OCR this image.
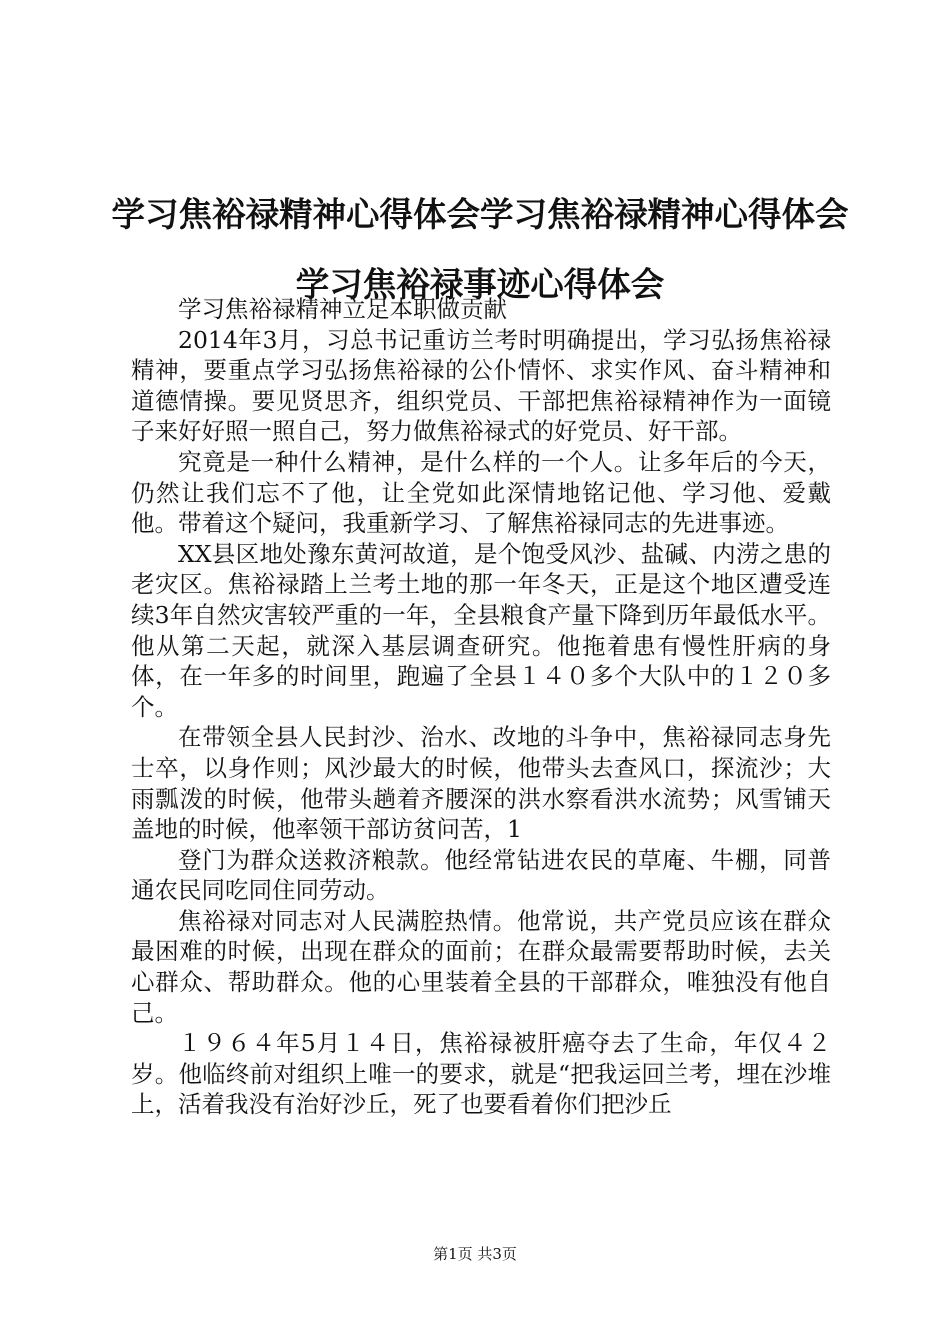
学习焦裕禄精神心得体会学习焦裕禄精神心得体会学习焦裕禄事迹心得体会

学习焦裕禄精神立足本职做贡献

2014年3月，习总书记重访兰考时明确提出，学习弘扬焦裕禄精神，要重点学习弘扬焦裕禄的公仆情怀、求实作风、奋斗精神和道德情操。要见贤思齐，组织党员、干部把焦裕禄精神作为一面镜子来好好照一照自己，努力做焦裕禄式的好党员、好干部。

究竟是一种什么精神，是什么样的一个人。让多年后的今天，仍然让我们忘不了他，让全党如此深情地铭记他、学习他、爱戴他。带着这个疑问，我重新学习、了解焦裕禄同志的先进事迹。

XX县区地处豫东黄河故道，是个饱受风沙、盐碱、内涝之患的老灾区。焦裕禄踏上兰考土地的那一年冬天，正是这个地区遭受连续3年自然灾害较严重的一年，全县粮食产量下降到历年最低水平。他从第二天起，就深入基层调查研究。他拖着患有慢性肝病的身体，在一年多的时间里，跑遍了全县１４０多个大队中的１２０多个。

在带领全县人民封沙、治水、改地的斗争中，焦裕禄同志身先士卒，以身作则；风沙最大的时候，他带头去查风口，探流沙；大雨瓢泼的时候，他带头趟着齐腰深的洪水察看洪水流势；风雪铺天盖地的时候，他率领干部访贫问苦，1

登门为群众送救济粮款。他经常钻进农民的草庵、牛棚，同普通农民同吃同住同劳动。

焦裕禄对同志对人民满腔热情。他常说，共产党员应该在群众最困难的时候，出现在群众的面前；在群众最需要帮助时候，去关心群众、帮助群众。他的心里装着全县的干部群众，唯独没有他自己。

１９６４年5月１４日，焦裕禄被肝癌夺去了生命，年仅４２岁。他临终前对组织上唯一的要求，就是“把我运回兰考，埋在沙堆上，活着我没有治好沙丘，死了也要看着你们把沙丘

第1页 共3页
